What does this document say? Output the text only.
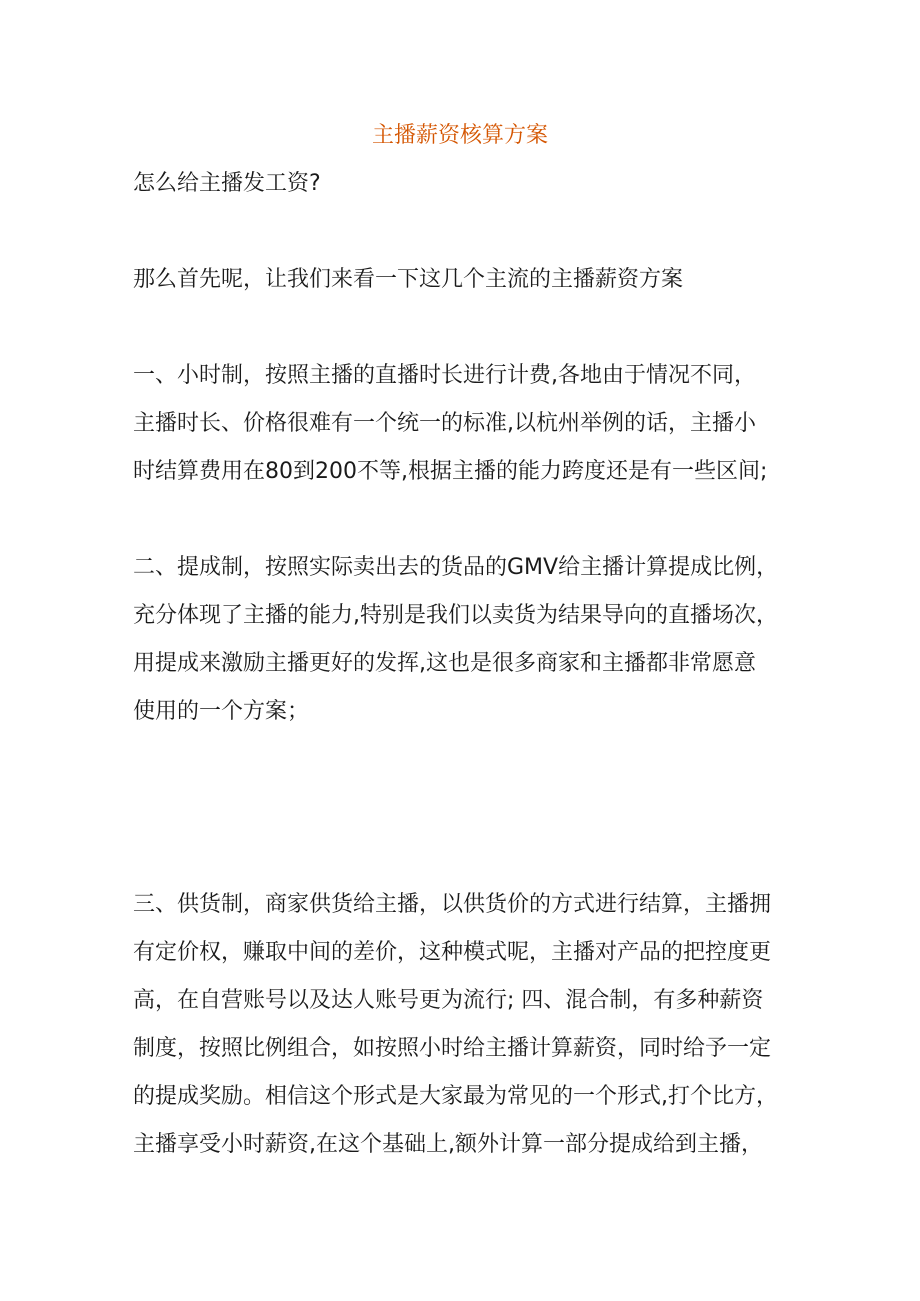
主播薪资核算方案
怎么给主播发工资?
那么首先呢，让我们来看一下这几个主流的主播薪资方案
一、小时制，按照主播的直播时长进行计费,各地由于情况不同，
主播时长、价格很难有一个统一的标准,以杭州举例的话，主播小
时结算费用在80到200不等,根据主播的能力跨度还是有一些区间;
二、提成制，按照实际卖出去的货品的GMV给主播计算提成比例，
充分体现了主播的能力,特别是我们以卖货为结果导向的直播场次，
用提成来激励主播更好的发挥,这也是很多商家和主播都非常愿意
使用的一个方案；
三、供货制，商家供货给主播，以供货价的方式进行结算，主播拥
有定价权，赚取中间的差价，这种模式呢，主播对产品的把控度更
高，在自营账号以及达人账号更为流行; 四、混合制，有多种薪资
制度，按照比例组合，如按照小时给主播计算薪资，同时给予一定
的提成奖励。相信这个形式是大家最为常见的一个形式,打个比方，
主播享受小时薪资,在这个基础上,额外计算一部分提成给到主播，
